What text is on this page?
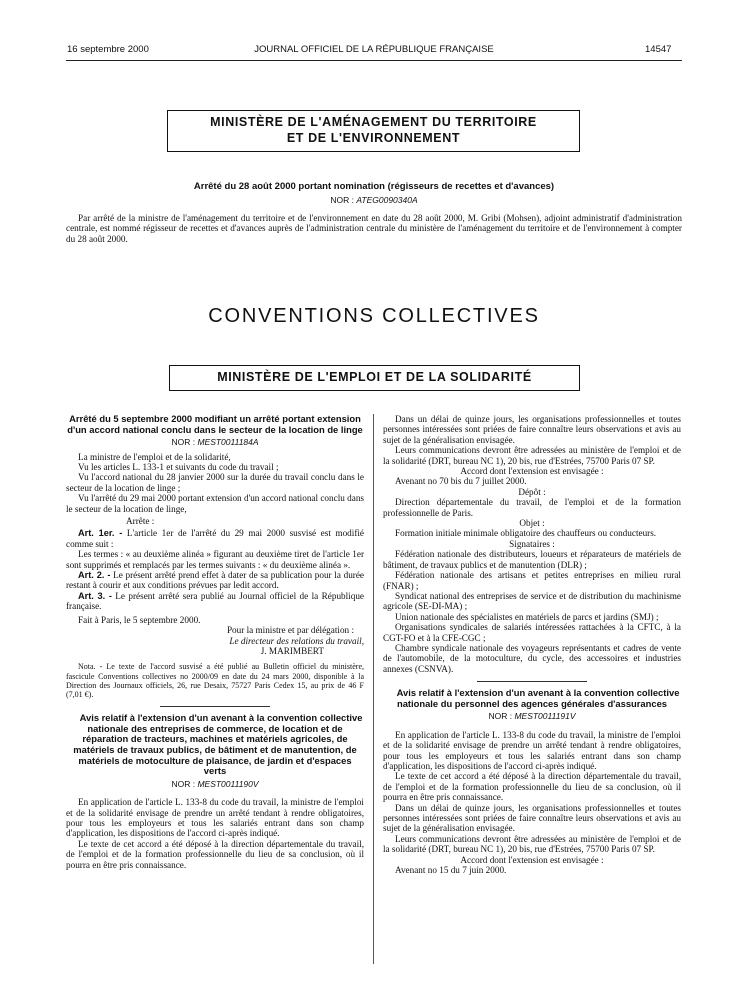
16 septembre 2000	JOURNAL OFFICIEL DE LA RÉPUBLIQUE FRANÇAISE	14547
MINISTÈRE DE L'AMÉNAGEMENT DU TERRITOIRE
ET DE L'ENVIRONNEMENT
Arrêté du 28 août 2000 portant nomination (régisseurs de recettes et d'avances)
NOR : ATEG0090340A

Par arrêté de la ministre de l'aménagement du territoire et de l'environnement en date du 28 août 2000, M. Gribi (Mohsen), adjoint administratif d'administration centrale, est nommé régisseur de recettes et d'avances auprès de l'administration centrale du ministère de l'aménagement du territoire et de l'environnement à compter du 28 août 2000.

CONVENTIONS COLLECTIVES
MINISTÈRE DE L'EMPLOI ET DE LA SOLIDARITÉ

Arrêté du 5 septembre 2000 modifiant un arrêté portant extension d'un accord national conclu dans le secteur de la location de linge

NOR : MEST0011184A

La ministre de l'emploi et de la solidarité,

Vu les articles L. 133-1 et suivants du code du travail ;

Vu l'accord national du 28 janvier 2000 sur la durée du travail conclu dans le secteur de la location de linge ;

Vu l'arrêté du 29 mai 2000 portant extension d'un accord national conclu dans le secteur de la location de linge,

Arrête :

Art. 1er. - L'article 1er de l'arrêté du 29 mai 2000 susvisé est modifié comme suit :

Les termes : « au deuxième alinéa » figurant au deuxième tiret de l'article 1er sont supprimés et remplacés par les termes suivants : « du deuxième alinéa ».

Art. 2. - Le présent arrêté prend effet à dater de sa publication pour la durée restant à courir et aux conditions prévues par ledit accord.

Art. 3. - Le présent arrêté sera publié au Journal officiel de la République française.

Fait à Paris, le 5 septembre 2000.

Pour la ministre et par délégation :

Le directeur des relations du travail,

J. MARIMBERT

Nota. - Le texte de l'accord susvisé a été publié au Bulletin officiel du ministère, fascicule Conventions collectives no 2000/09 en date du 24 mars 2000, disponible à la Direction des Journaux officiels, 26, rue Desaix, 75727 Paris Cedex 15, au prix de 46 F (7,01 €).

Avis relatif à l'extension d'un avenant à la convention collective nationale des entreprises de commerce, de location et de réparation de tracteurs, machines et matériels agricoles, de matériels de travaux publics, de bâtiment et de manutention, de matériels de motoculture de plaisance, de jardin et d'espaces verts

NOR : MEST0011190V

En application de l'article L. 133-8 du code du travail, la ministre de l'emploi et de la solidarité envisage de prendre un arrêté tendant à rendre obligatoires, pour tous les employeurs et tous les salariés entrant dans son champ d'application, les dispositions de l'accord ci-après indiqué.

Le texte de cet accord a été déposé à la direction départementale du travail, de l'emploi et de la formation professionnelle du lieu de sa conclusion, où il pourra en être pris connaissance.

Dans un délai de quinze jours, les organisations professionnelles et toutes personnes intéressées sont priées de faire connaître leurs observations et avis au sujet de la généralisation envisagée.

Leurs communications devront être adressées au ministère de l'emploi et de la solidarité (DRT, bureau NC 1), 20 bis, rue d'Estrées, 75700 Paris 07 SP.

Accord dont l'extension est envisagée :

Avenant no 70 bis du 7 juillet 2000.

Dépôt :

Direction départementale du travail, de l'emploi et de la formation professionnelle de Paris.

Objet :

Formation initiale minimale obligatoire des chauffeurs ou conducteurs.

Signataires :

Fédération nationale des distributeurs, loueurs et réparateurs de matériels de bâtiment, de travaux publics et de manutention (DLR) ;

Fédération nationale des artisans et petites entreprises en milieu rural (FNAR) ;

Syndicat national des entreprises de service et de distribution du machinisme agricole (SE-DI-MA) ;

Union nationale des spécialistes en matériels de parcs et jardins (SMJ) ;

Organisations syndicales de salariés intéressées rattachées à la CFTC, à la CGT-FO et à la CFE-CGC ;

Chambre syndicale nationale des voyageurs représentants et cadres de vente de l'automobile, de la motoculture, du cycle, des accessoires et industries annexes (CSNVA).

Avis relatif à l'extension d'un avenant à la convention collective nationale du personnel des agences générales d'assurances

NOR : MEST0011191V

En application de l'article L. 133-8 du code du travail, la ministre de l'emploi et de la solidarité envisage de prendre un arrêté tendant à rendre obligatoires, pour tous les employeurs et tous les salariés entrant dans son champ d'application, les dispositions de l'accord ci-après indiqué.

Le texte de cet accord a été déposé à la direction départementale du travail, de l'emploi et de la formation professionnelle du lieu de sa conclusion, où il pourra en être pris connaissance.

Dans un délai de quinze jours, les organisations professionnelles et toutes personnes intéressées sont priées de faire connaître leurs observations et avis au sujet de la généralisation envisagée.

Leurs communications devront être adressées au ministère de l'emploi et de la solidarité (DRT, bureau NC 1), 20 bis, rue d'Estrées, 75700 Paris 07 SP.

Accord dont l'extension est envisagée :

Avenant no 15 du 7 juin 2000.
